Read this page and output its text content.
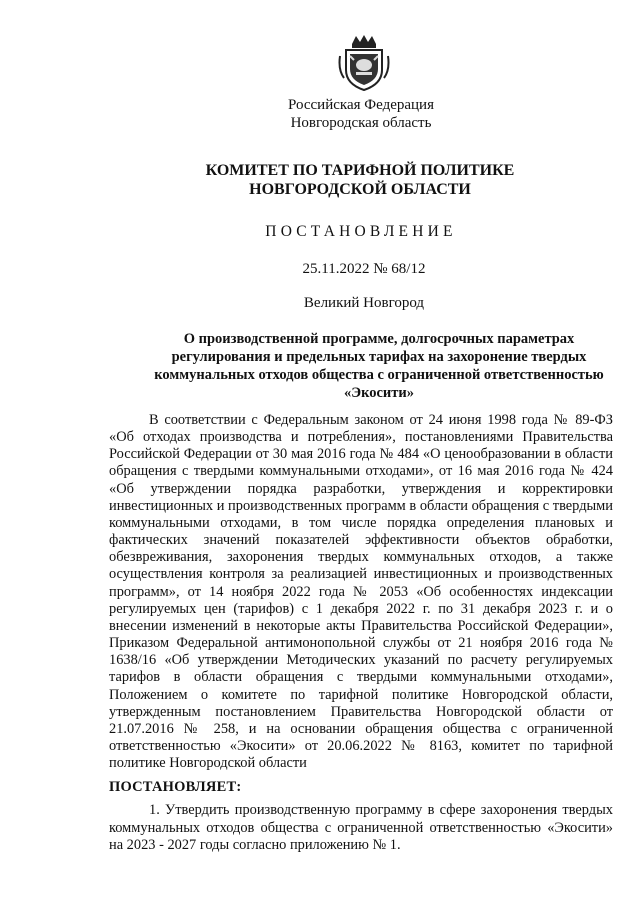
Российская Федерация
Новгородская область
КОМИТЕТ ПО ТАРИФНОЙ ПОЛИТИКЕ НОВГОРОДСКОЙ ОБЛАСТИ
ПОСТАНОВЛЕНИЕ
25.11.2022 № 68/12
Великий Новгород
О производственной программе, долгосрочных параметрах регулирования и предельных тарифах на захоронение твердых коммунальных отходов общества с ограниченной ответственностью «Экосити»

В соответствии с Федеральным законом от 24 июня 1998 года № 89-ФЗ «Об отходах производства и потребления», постановлениями Правительства Российской Федерации от 30 мая 2016 года № 484 «О ценообразовании в области обращения с твердыми коммунальными отходами», от 16 мая 2016 года № 424 «Об утверждении порядка разработки, утверждения и корректировки инвестиционных и производственных программ в области обращения с твердыми коммунальными отходами, в том числе порядка определения плановых и фактических значений показателей эффективности объектов обработки, обезвреживания, захоронения твердых коммунальных отходов, а также осуществления контроля за реализацией инвестиционных и производственных программ», от 14 ноября 2022 года № 2053 «Об особенностях индексации регулируемых цен (тарифов) с 1 декабря 2022 г. по 31 декабря 2023 г. и о внесении изменений в некоторые акты Правительства Российской Федерации», Приказом Федеральной антимонопольной службы от 21 ноября 2016 года № 1638/16 «Об утверждении Методических указаний по расчету регулируемых тарифов в области обращения с твердыми коммунальными отходами», Положением о комитете по тарифной политике Новгородской области, утвержденным постановлением Правительства Новгородской области от 21.07.2016 № 258, и на основании обращения общества с ограниченной ответственностью «Экосити» от 20.06.2022 № 8163, комитет по тарифной политике Новгородской области

ПОСТАНОВЛЯЕТ:

1. Утвердить производственную программу в сфере захоронения твердых коммунальных отходов общества с ограниченной ответственностью «Экосити» на 2023 - 2027 годы согласно приложению № 1.
